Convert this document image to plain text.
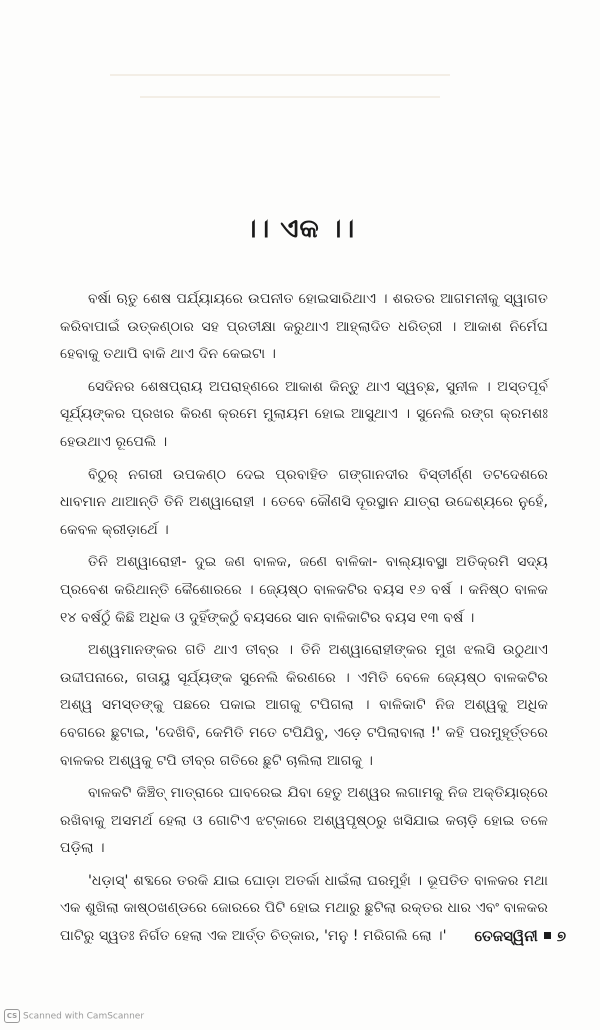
।। ଏକ ।।

ବର୍ଷା ଋତୁ ଶେଷ ପର୍ଯ୍ୟାୟରେ ଉପନୀତ ହୋଇସାରିଥାଏ । ଶରତର ଆଗମନୀକୁ ସ୍ୱାଗତ କରିବାପାଇଁ ଉତ୍କଣ୍ଠାର ସହ ପ୍ରତୀକ୍ଷା କରୁଥାଏ ଆହ୍ଲାଦିତ ଧରିତ୍ରୀ । ଆକାଶ ନିର୍ମେଘ ହେବାକୁ ତଥାପି ବାକି ଥାଏ ଦିନ କେଇଟା ।

ସେଦିନର ଶେଷପ୍ରାୟ ଅପରାହ୍ଣରେ ଆକାଶ କିନ୍ତୁ ଥାଏ ସ୍ୱଚ୍ଛ, ସୁନୀଳ । ଅସ୍ତପୂର୍ବ ସୂର୍ଯ୍ୟଙ୍କର ପ୍ରଖର କିରଣ କ୍ରମେ ମୁଲାୟମ ହୋଇ ଆସୁଥାଏ । ସୁନେଲି ରଙ୍ଗ କ୍ରମଶଃ ହେଉଥାଏ ରୂପେଲି ।

ବିଠୁର୍ ନଗରୀ ଉପକଣ୍ଠ ଦେଇ ପ୍ରବାହିତ ଗଙ୍ଗାନଦୀର ବିସ୍ତୀର୍ଣ୍ଣ ତଟଦେଶରେ ଧାବମାନ ଥାଆନ୍ତି ତିନି ଅଶ୍ୱାରୋହୀ । ତେବେ କୌଣସି ଦୂରସ୍ଥାନ ଯାତ୍ରା ଉଦ୍ଦେଶ୍ୟରେ ନୁହେଁ, କେବଳ କ୍ରୀଡ଼ାର୍ଥେ ।

ତିନି ଅଶ୍ୱାରୋହୀ- ଦୁଇ ଜଣ ବାଳକ, ଜଣେ ବାଳିକା- ବାଲ୍ୟାବସ୍ଥା ଅତିକ୍ରମି ସଦ୍ୟ ପ୍ରବେଶ କରିଥାନ୍ତି କୈଶୋରରେ । ଜ୍ୟେଷ୍ଠ ବାଳକଟିର ବୟସ ୧୬ ବର୍ଷ । କନିଷ୍ଠ ବାଳକ ୧୪ ବର୍ଷଠୁଁ କିଛି ଅଧିକ ଓ ଦୁହିଁଙ୍କଠୁଁ ବୟସରେ ସାନ ବାଳିକାଟିର ବୟସ ୧୩ ବର୍ଷ ।

ଅଶ୍ୱମାନଙ୍କର ଗତି ଥାଏ ତୀବ୍ର । ତିନି ଅଶ୍ୱାରୋହୀଙ୍କର ମୁଖ ଝଲସି ଉଠୁଥାଏ ଉଦ୍ଦୀପନାରେ, ଗତାୟୁ ସୂର୍ଯ୍ୟଙ୍କ ସୁନେଲି କିରଣରେ । ଏମିତି ବେଳେ ଜ୍ୟେଷ୍ଠ ବାଳକଟିର ଅଶ୍ୱ ସମସ୍ତଙ୍କୁ ପଛରେ ପକାଇ ଆଗକୁ ଟପିଗଲା । ବାଳିକାଟି ନିଜ ଅଶ୍ୱକୁ ଅଧିକ ବେଗରେ ଛୁଟାଇ, 'ଦେଖିବି, କେମିତି ମତେ ଟପିଯିବୁ, ଏଡ଼େ ଟପିଲାବାଲା !' କହି ପରମୁହୂର୍ତ୍ତରେ ବାଳକର ଅଶ୍ୱକୁ ଟପି ତୀବ୍ର ଗତିରେ ଛୁଟି ଚାଲିଲା ଆଗକୁ ।

ବାଳକଟି କିଞ୍ଚିତ୍ ମାତ୍ରାରେ ଘାବରେଇ ଯିବା ହେତୁ ଅଶ୍ୱର ଲଗାମକୁ ନିଜ ଅକ୍ତିୟାର୍‌ରେ ରଖିବାକୁ ଅସମର୍ଥ ହେଲା ଓ ଗୋଟିଏ ଝଟ୍‌କାରେ ଅଶ୍ୱପୃଷ୍ଠରୁ ଖସିଯାଇ କଚାଡ଼ି ହୋଇ ତଳେ ପଡ଼ିଲା ।

'ଧଡ଼ାସ୍' ଶବ୍ଦରେ ତରକି ଯାଇ ଘୋଡ଼ା ଅତର୍କା ଧାଇଁଲା ଘରମୁହାଁ । ଭୂପତିତ ବାଳକର ମଥା ଏକ ଶୁଖିଲା କାଷ୍ଠଖଣ୍ଡରେ ଜୋରରେ ପିଟି ହୋଇ ମଥାରୁ ଛୁଟିଲା ରକ୍ତର ଧାର ଏବଂ ବାଳକର ପାଟିରୁ ସ୍ୱତଃ ନିର୍ଗତ ହେଲା ଏକ ଆର୍ତ୍ତ ଚିତ୍କାର, 'ମନୁ ! ମରିଗଲି ଲୋ ।'	ତେଜସ୍ୱିନୀ ୭
CS Scanned with CamScanner
